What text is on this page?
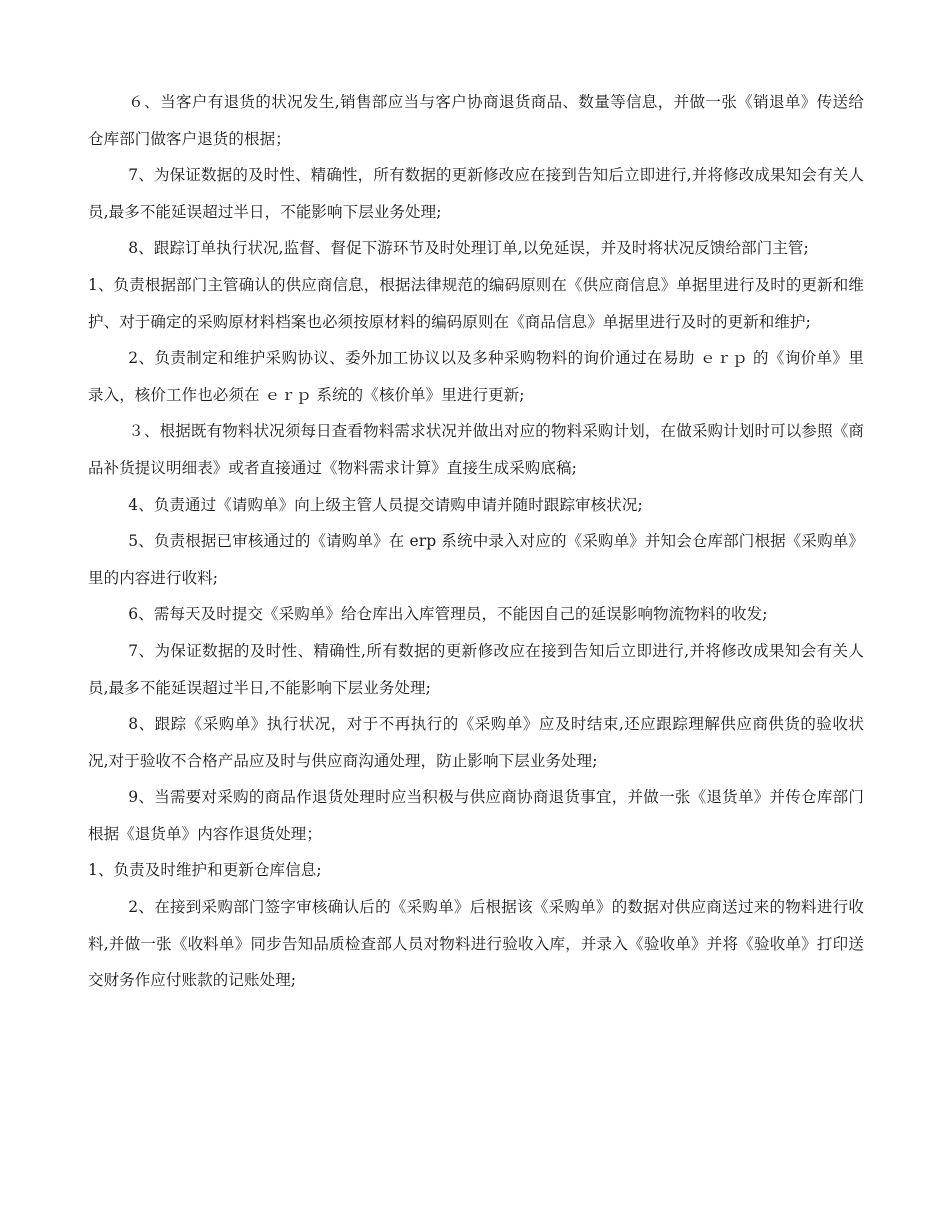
６、当客户有退货的状况发生,销售部应当与客户协商退货商品、数量等信息，并做一张《销退单》传送给仓库部门做客户退货的根据；

7、为保证数据的及时性、精确性，所有数据的更新修改应在接到告知后立即进行,并将修改成果知会有关人员,最多不能延误超过半日，不能影响下层业务处理;

8、跟踪订单执行状况,监督、督促下游环节及时处理订单,以免延误，并及时将状况反馈给部门主管;

1、负责根据部门主管确认的供应商信息，根据法律规范的编码原则在《供应商信息》单据里进行及时的更新和维护、对于确定的采购原材料档案也必须按原材料的编码原则在《商品信息》单据里进行及时的更新和维护;

2、负责制定和维护采购协议、委外加工协议以及多种采购物料的询价通过在易助 ｅｒｐ 的《询价单》里录入，核价工作也必须在 ｅｒｐ 系统的《核价单》里进行更新;

３、根据既有物料状况须每日查看物料需求状况并做出对应的物料采购计划，在做采购计划时可以参照《商品补货提议明细表》或者直接通过《物料需求计算》直接生成采购底稿;

4、负责通过《请购单》向上级主管人员提交请购申请并随时跟踪审核状况;

5、负责根据已审核通过的《请购单》在 erp 系统中录入对应的《采购单》并知会仓库部门根据《采购单》里的内容进行收料;

6、需每天及时提交《采购单》给仓库出入库管理员，不能因自己的延误影响物流物料的收发;

7、为保证数据的及时性、精确性,所有数据的更新修改应在接到告知后立即进行,并将修改成果知会有关人员,最多不能延误超过半日,不能影响下层业务处理;

8、跟踪《采购单》执行状况，对于不再执行的《采购单》应及时结束,还应跟踪理解供应商供货的验收状况,对于验收不合格产品应及时与供应商沟通处理，防止影响下层业务处理;

9、当需要对采购的商品作退货处理时应当积极与供应商协商退货事宜，并做一张《退货单》并传仓库部门根据《退货单》内容作退货处理；

1、负责及时维护和更新仓库信息;

2、在接到采购部门签字审核确认后的《采购单》后根据该《采购单》的数据对供应商送过来的物料进行收料,并做一张《收料单》同步告知品质检查部人员对物料进行验收入库，并录入《验收单》并将《验收单》打印送交财务作应付账款的记账处理;
